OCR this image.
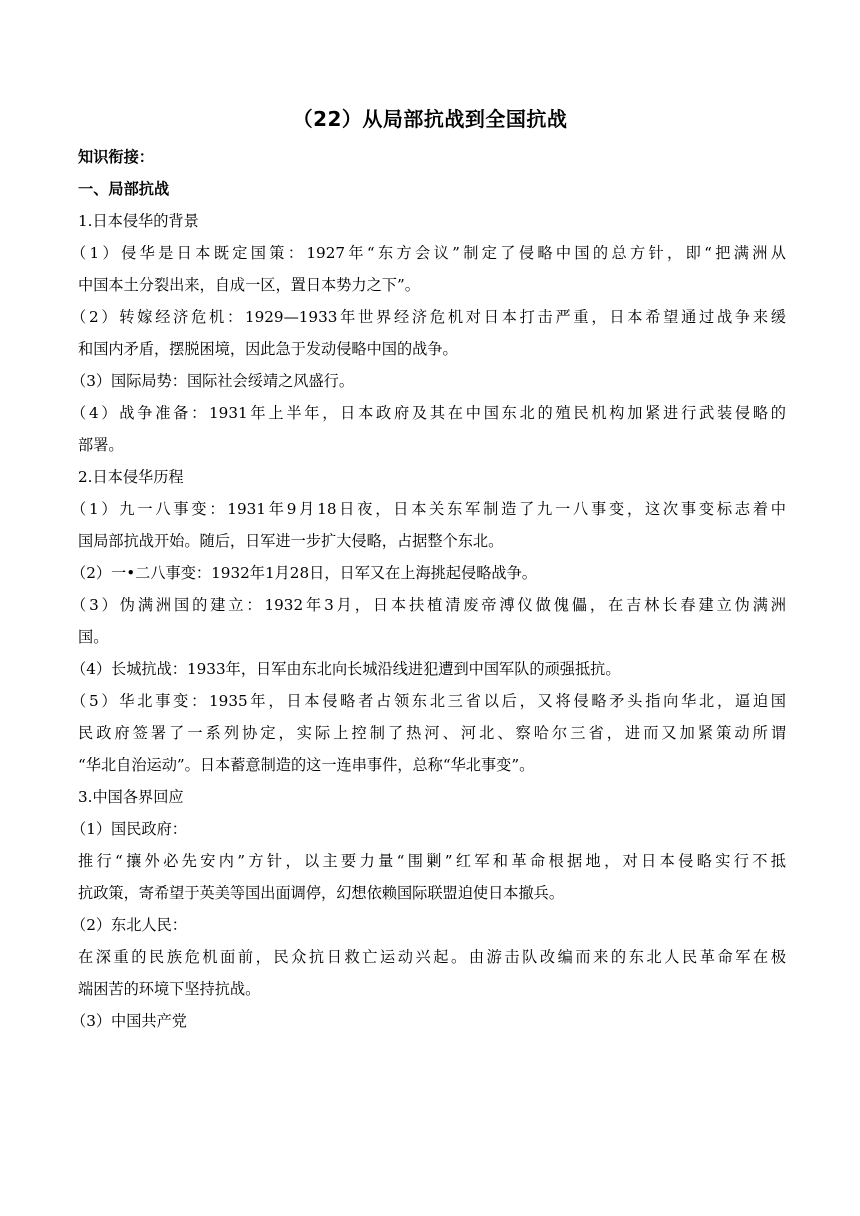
（22）从局部抗战到全国抗战
知识衔接：
一、局部抗战
1.日本侵华的背景
（1）侵华是日本既定国策：1927年“东方会议”制定了侵略中国的总方针，即“把满洲从
中国本土分裂出来，自成一区，置日本势力之下”。
（2）转嫁经济危机：1929—1933年世界经济危机对日本打击严重，日本希望通过战争来缓
和国内矛盾，摆脱困境，因此急于发动侵略中国的战争。
（3）国际局势：国际社会绥靖之风盛行。
（4）战争准备：1931年上半年，日本政府及其在中国东北的殖民机构加紧进行武装侵略的
部署。
2.日本侵华历程
（1）九一八事变：1931年9月18日夜，日本关东军制造了九一八事变，这次事变标志着中
国局部抗战开始。随后，日军进一步扩大侵略，占据整个东北。
（2）一•二八事变：1932年1月28日，日军又在上海挑起侵略战争。
（3）伪满洲国的建立：1932年3月，日本扶植清废帝溥仪做傀儡，在吉林长春建立伪满洲
国。
（4）长城抗战：1933年，日军由东北向长城沿线进犯遭到中国军队的顽强抵抗。
（5）华北事变：1935年，日本侵略者占领东北三省以后，又将侵略矛头指向华北，逼迫国
民政府签署了一系列协定，实际上控制了热河、河北、察哈尔三省，进而又加紧策动所谓
“华北自治运动”。日本蓄意制造的这一连串事件，总称“华北事变”。
3.中国各界回应
（1）国民政府：
推行“攘外必先安内”方针，以主要力量“围剿”红军和革命根据地，对日本侵略实行不抵
抗政策，寄希望于英美等国出面调停，幻想依赖国际联盟迫使日本撤兵。
（2）东北人民：
在深重的民族危机面前，民众抗日救亡运动兴起。由游击队改编而来的东北人民革命军在极
端困苦的环境下坚持抗战。
（3）中国共产党
